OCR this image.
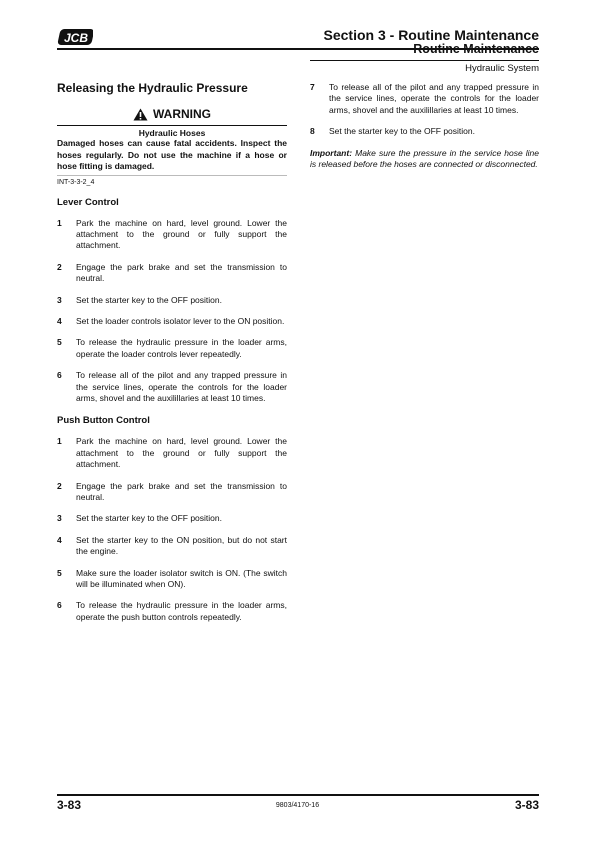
JCB	Section 3 - Routine Maintenance
Routine Maintenance
Hydraulic System
Releasing the Hydraulic Pressure
WARNING
Hydraulic Hoses

Damaged hoses can cause fatal accidents. Inspect the hoses regularly. Do not use the machine if a hose or hose fitting is damaged.

INT-3-3-2_4

Lever Control
1	Park the machine on hard, level ground. Lower the attachment to the ground or fully support the attachment.
2	Engage the park brake and set the transmission to neutral.
3	Set the starter key to the OFF position.
4	Set the loader controls isolator lever to the ON position.
5	To release the hydraulic pressure in the loader arms, operate the loader controls lever repeatedly.
6	To release all of the pilot and any trapped pressure in the service lines, operate the controls for the loader arms, shovel and the auxilillaries at least 10 times.
Push Button Control
1	Park the machine on hard, level ground. Lower the attachment to the ground or fully support the attachment.
2	Engage the park brake and set the transmission to neutral.
3	Set the starter key to the OFF position.
4	Set the starter key to the ON position, but do not start the engine.
5	Make sure the loader isolator switch is ON. (The switch will be illuminated when ON).
6	To release the hydraulic pressure in the loader arms, operate the push button controls repeatedly.
7	To release all of the pilot and any trapped pressure in the service lines, operate the controls for the loader arms, shovel and the auxilillaries at least 10 times.
8	Set the starter key to the OFF position.

Important: Make sure the pressure in the service hose line is released before the hoses are connected or disconnected.

3-83	9803/4170-16	3-83
